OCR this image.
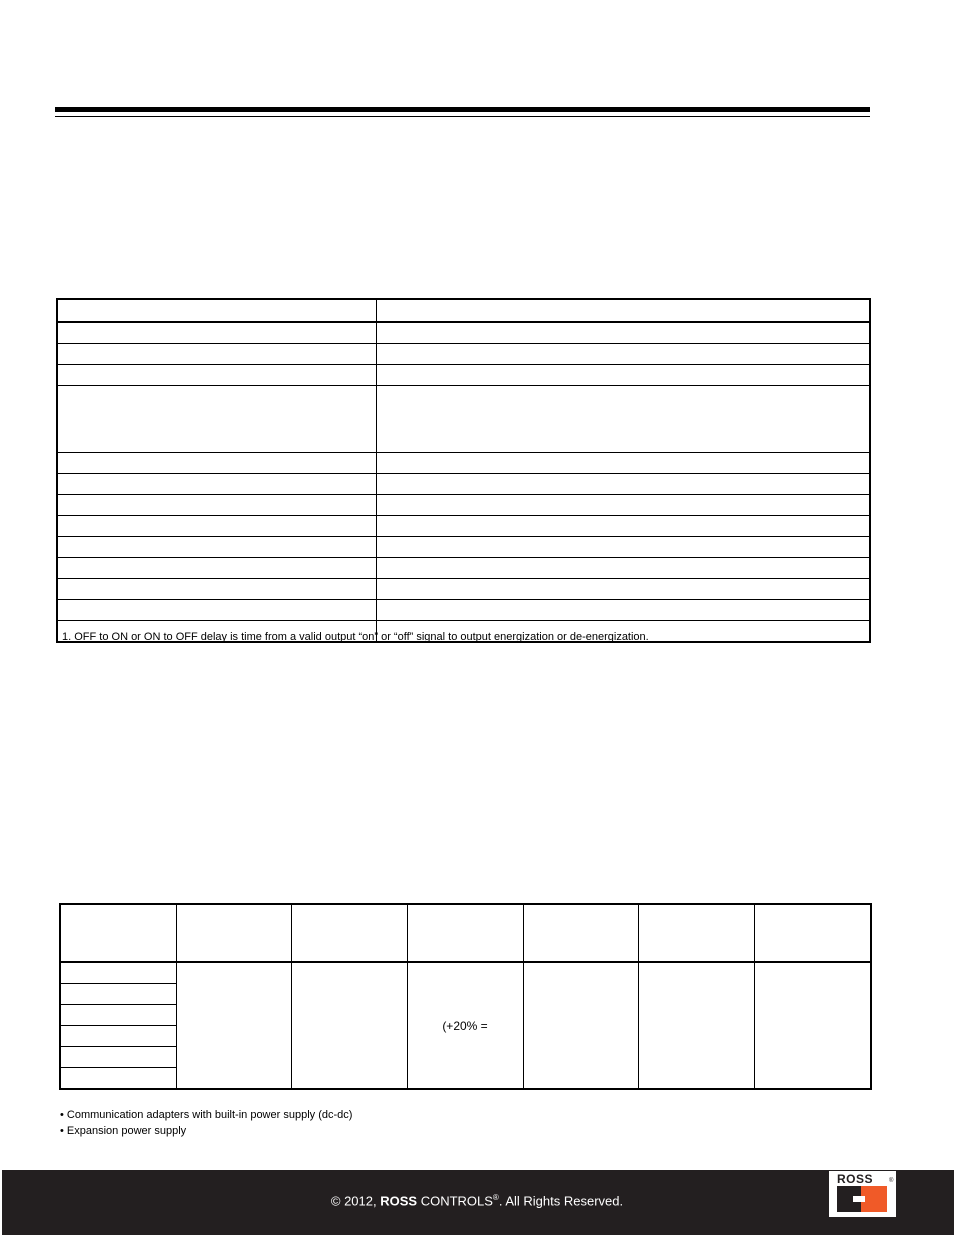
1. OFF to ON or ON to OFF delay is time from a valid output “on” or “off” signal to output energization or de-energization.

			(+20% =			

• Communication adapters with built-in power supply (dc-dc)
• Expansion power supply
© 2012, ROSS CONTROLS®. All Rights Reserved.
ROSS	®
